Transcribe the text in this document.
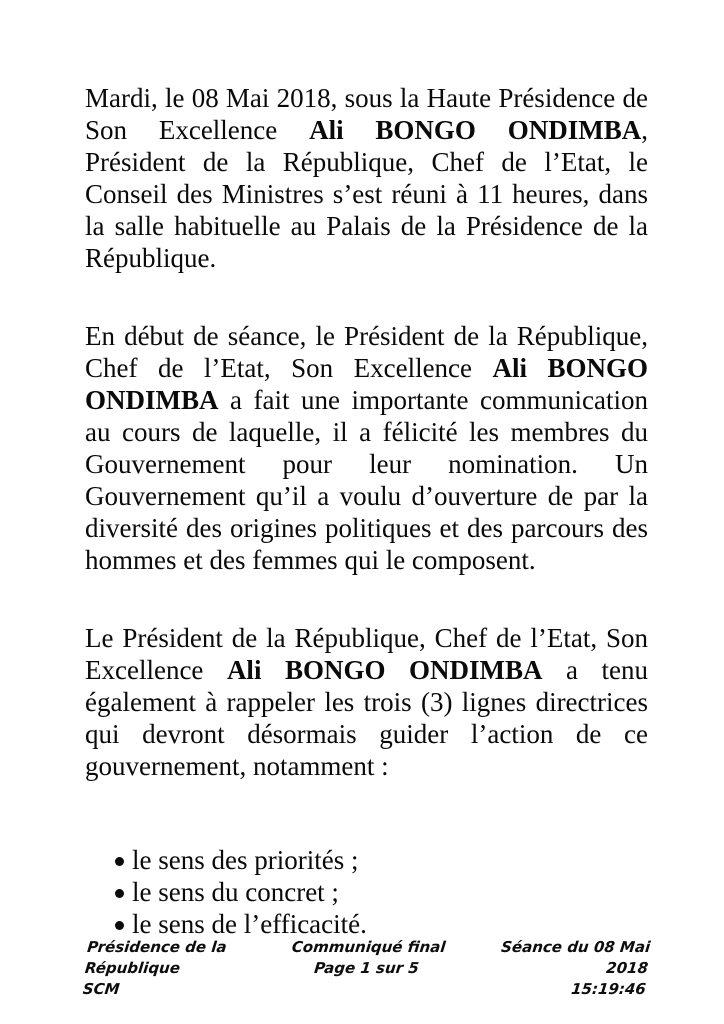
Mardi, le 08 Mai 2018, sous la Haute Présidence de Son Excellence Ali BONGO ONDIMBA, Président de la République, Chef de l’Etat, le Conseil des Ministres s’est réuni à 11 heures, dans la salle habituelle au Palais de la Présidence de la République.

En début de séance, le Président de la République, Chef de l’Etat, Son Excellence Ali BONGO ONDIMBA a fait une importante communication au cours de laquelle, il a félicité les membres du Gouvernement pour leur nomination. Un Gouvernement qu’il a voulu d’ouverture de par la diversité des origines politiques et des parcours des hommes et des femmes qui le composent.

Le Président de la République, Chef de l’Etat, Son Excellence Ali BONGO ONDIMBA a tenu également à rappeler les trois (3) lignes directrices qui devront désormais guider l’action de ce gouvernement, notamment :

le sens des priorités ;
le sens du concret ;
le sens de l’efficacité.
Présidence de la République
SCM
Communiqué final
Page 1 sur 5
Séance du 08 Mai 2018
15:19:46
